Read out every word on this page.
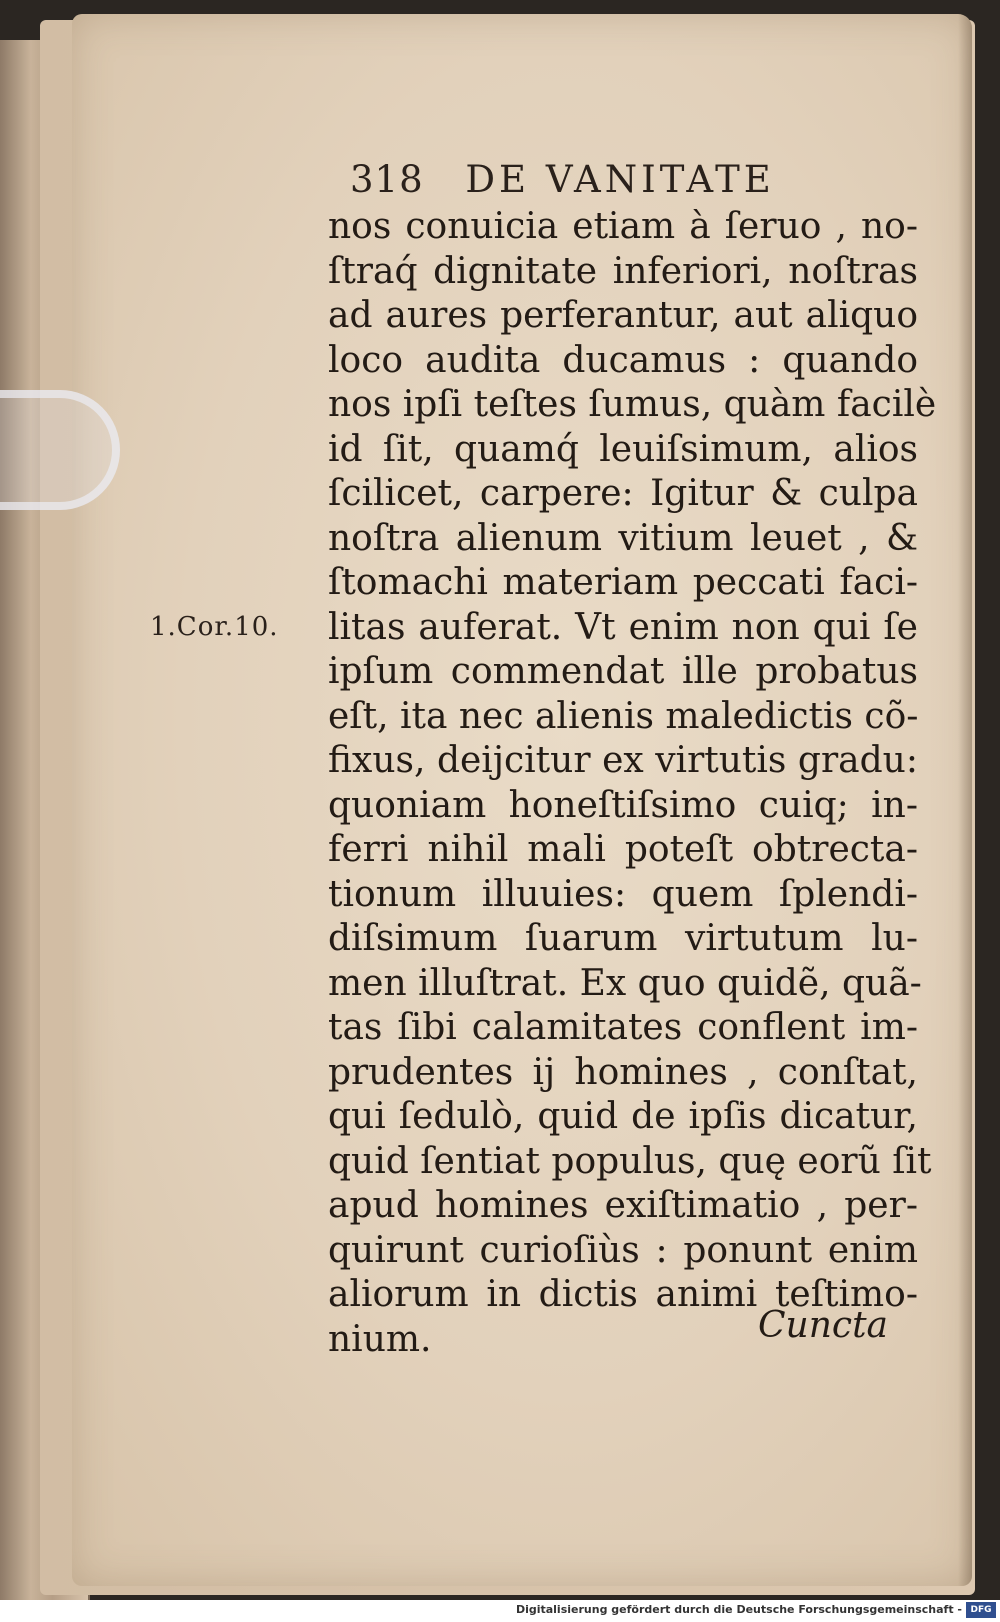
318 DE VANITATE
1.Cor.10.
nos conuicia etiam à ſeruo , no-
ſtraq́ dignitate inferiori, noſtras
ad aures perferantur, aut aliquo
loco audita ducamus : quando
nos ipſi teſtes ſumus, quàm facilè
id ſit, quamq́ leuiſsimum, alios
ſcilicet, carpere: Igitur & culpa
noſtra alienum vitium leuet , &
ſtomachi materiam peccati faci-
litas auferat. Vt enim non qui ſe
ipſum commendat ille probatus
eſt, ita nec alienis maledictis cõ-
fixus, deijcitur ex virtutis gradu:
quoniam honeſtiſsimo cuiq; in-
ferri nihil mali poteſt obtrecta-
tionum illuuies: quem ſplendi-
diſsimum ſuarum virtutum lu-
men illuſtrat. Ex quo quidẽ, quã-
tas ſibi calamitates conflent im-
prudentes ij homines , conſtat,
qui ſedulò, quid de ipſis dicatur,
quid ſentiat populus, quę eorũ ſit
apud homines exiſtimatio , per-
quirunt curioſiùs : ponunt enim
aliorum in dictis animi teſtimo-
nium.	Cuncta
Digitalisierung gefördert durch die Deutsche Forschungsgemeinschaft - DFG
